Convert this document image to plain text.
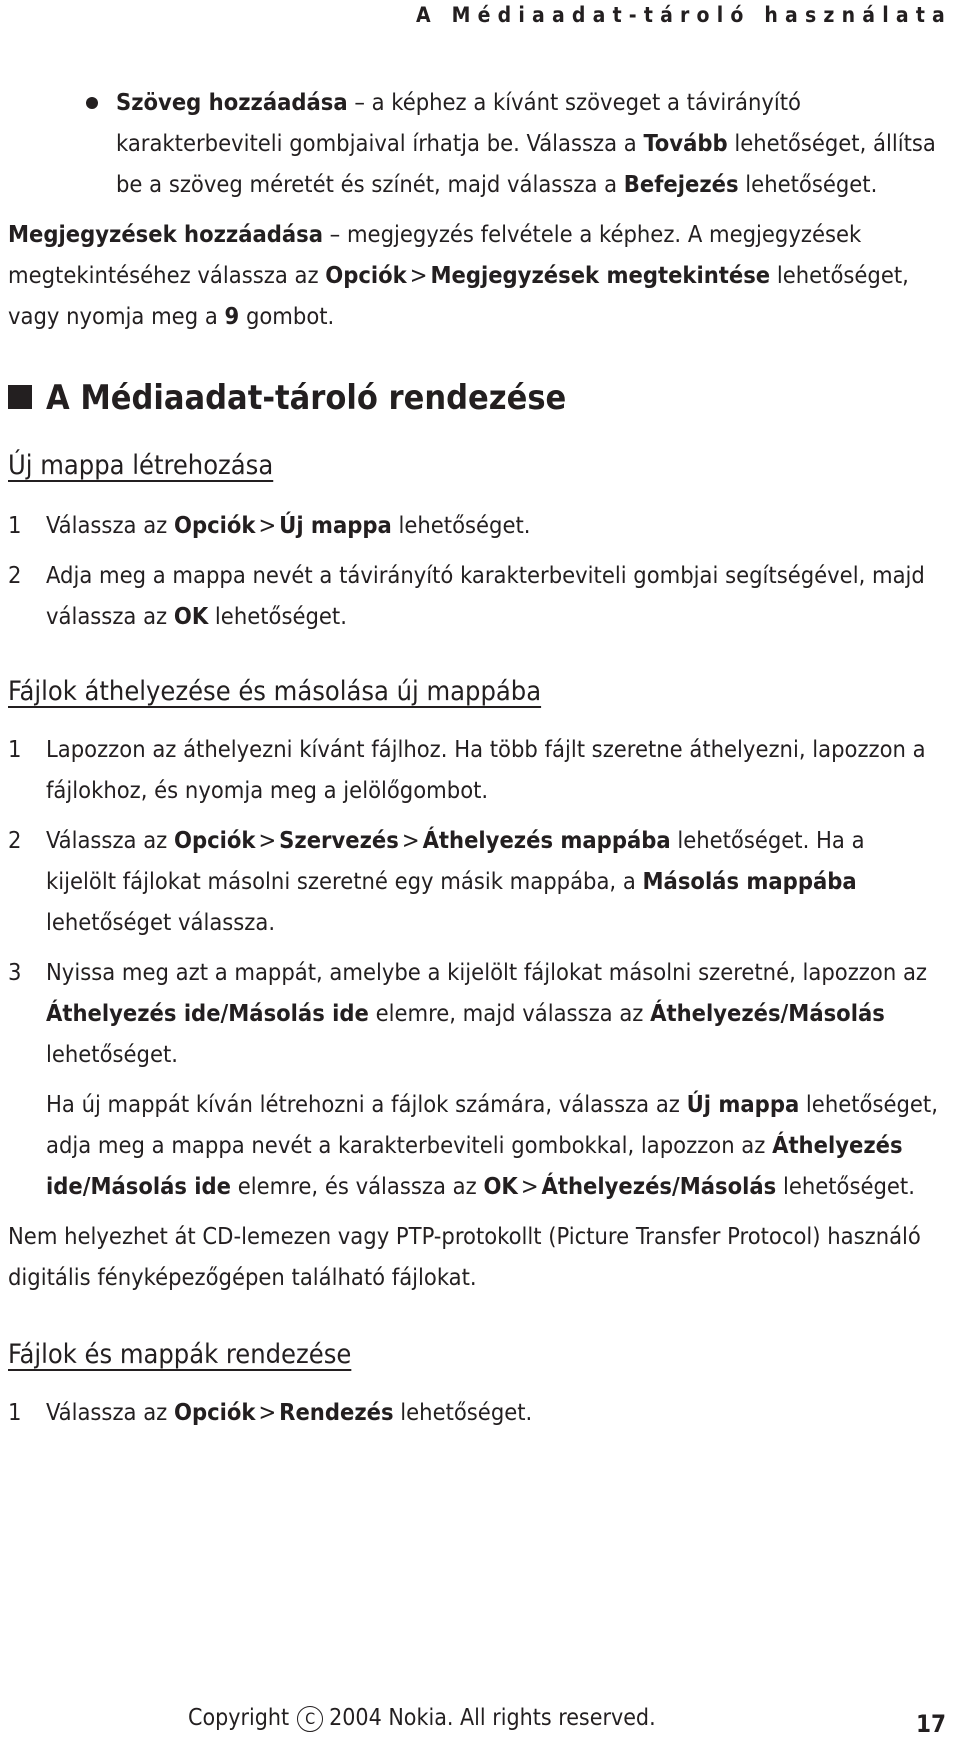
A Médiaadat-tároló használata

Szöveg hozzáadása – a képhez a kívánt szöveget a távirányító karakterbeviteli gombjaival írhatja be. Válassza a Tovább lehetőséget, állítsa be a szöveg méretét és színét, majd válassza a Befejezés lehetőséget.

Megjegyzések hozzáadása – megjegyzés felvétele a képhez. A megjegyzések megtekintéséhez válassza az Opciók > Megjegyzések megtekintése lehetőséget, vagy nyomja meg a 9 gombot.

A Médiaadat-tároló rendezése
Új mappa létrehozása
1 Válassza az Opciók > Új mappa lehetőséget.

2 Adja meg a mappa nevét a távirányító karakterbeviteli gombjai segítségével, majd válassza az OK lehetőséget.

Fájlok áthelyezése és másolása új mappába
1 Lapozzon az áthelyezni kívánt fájlhoz. Ha több fájlt szeretne áthelyezni, lapozzon a fájlokhoz, és nyomja meg a jelölőgombot.

2 Válassza az Opciók > Szervezés > Áthelyezés mappába lehetőséget. Ha a kijelölt fájlokat másolni szeretné egy másik mappába, a Másolás mappába lehetőséget válassza.

3 Nyissa meg azt a mappát, amelybe a kijelölt fájlokat másolni szeretné, lapozzon az Áthelyezés ide/Másolás ide elemre, majd válassza az Áthelyezés/Másolás lehetőséget.

Ha új mappát kíván létrehozni a fájlok számára, válassza az Új mappa lehetőséget, adja meg a mappa nevét a karakterbeviteli gombokkal, lapozzon az Áthelyezés ide/Másolás ide elemre, és válassza az OK > Áthelyezés/Másolás lehetőséget.

Nem helyezhet át CD-lemezen vagy PTP-protokollt (Picture Transfer Protocol) használó digitális fényképezőgépen található fájlokat.

Fájlok és mappák rendezése
1 Válassza az Opciók > Rendezés lehetőséget.

Copyright C 2004 Nokia. All rights reserved.	17
